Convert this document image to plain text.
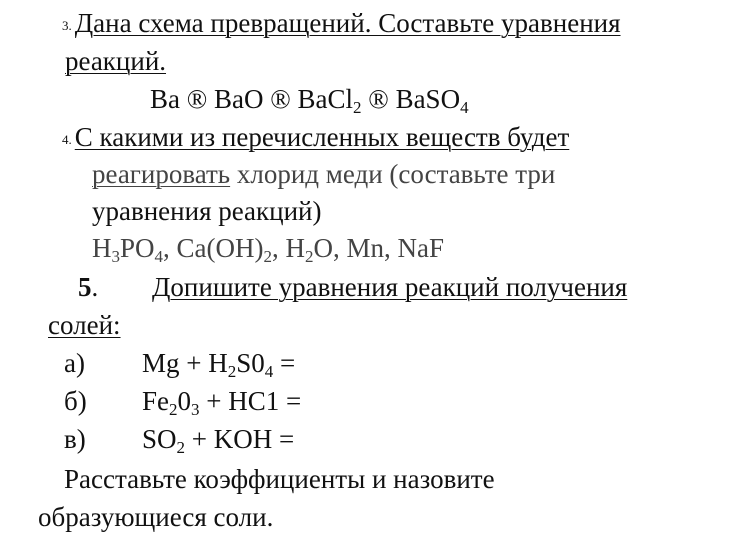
3. Дана схема превращений. Составьте уравнения
реакций.
Ba ® BaO ® BaCl$_2$ ® BaSO$_4$
4. С какими из перечисленных веществ будет
реагировать хлорид меди (составьте три
уравнения реакций)
$H_3PO_4$, $Ca(OH)_2$, $H_2O$, Mn, NaF
5. Допишите уравнения реакций получения
солей:
а) $Mg + H_2S0_4$ =
б) $Fe_20_3 + HC1$ =
в) $SO_2$ + KOH =
Расставьте коэффициенты и назовите
образующиеся соли.
